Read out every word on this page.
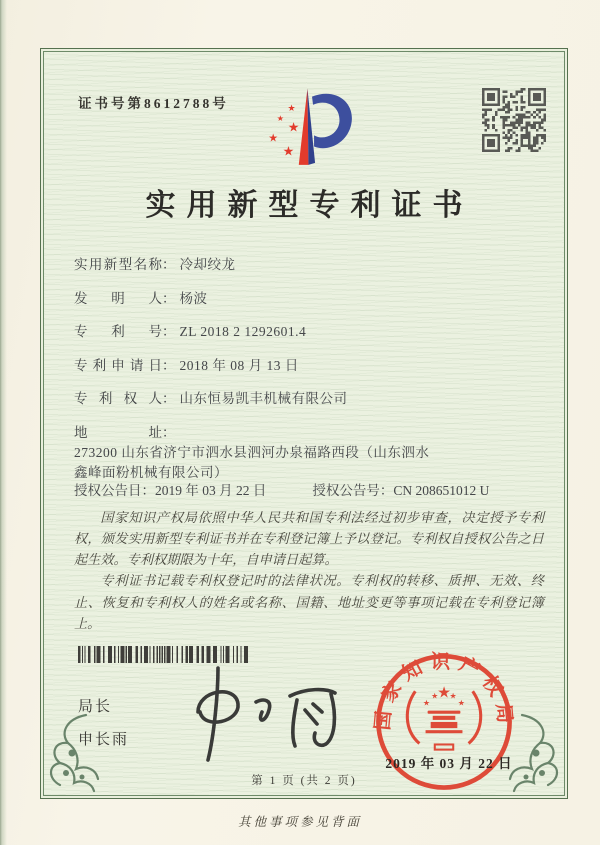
证书号第8612788号	★
★
★
★
★
实用新型专利证书
实用新型名称： 冷却绞龙
发明人： 杨波
专利号： ZL 2018 2 1292601.4
专利申请日： 2018 年 08 月 13 日
专利权人： 山东恒易凯丰机械有限公司
地址：273200 山东省济宁市泗水县泗河办泉福路西段（山东泗水鑫峰面粉机械有限公司）
授权公告日：2019 年 03 月 22 日	授权公告号：CN 208651012 U

国家知识产权局依照中华人民共和国专利法经过初步审查，决定授予专利权，颁发实用新型专利证书并在专利登记簿上予以登记。专利权自授权公告之日起生效。专利权期限为十年，自申请日起算。

专利证书记载专利权登记时的法律状况。专利权的转移、质押、无效、终止、恢复和专利权人的姓名或名称、国籍、地址变更等事项记载在专利登记簿上。

局长
申长雨
国家知识产权局
★
★
★ ★
★
2019 年 03 月 22 日
第 1 页 (共 2 页)
其他事项参见背面
